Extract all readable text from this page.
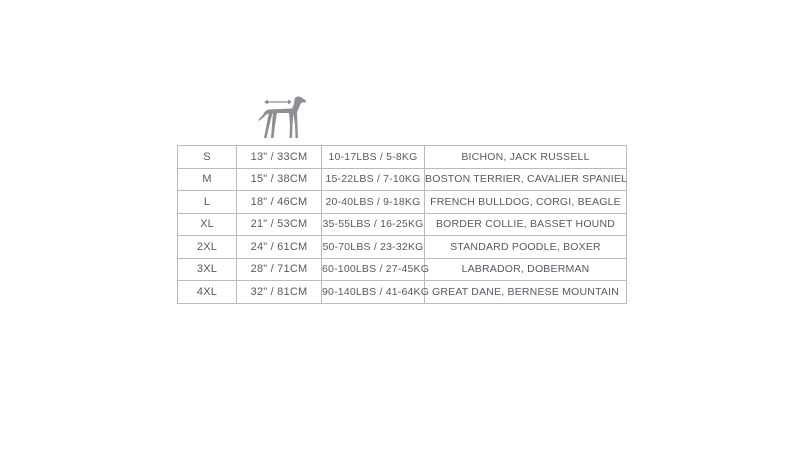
S	13" / 33CM	10-17LBS / 5-8KG	BICHON, JACK RUSSELL
M	15" / 38CM	15-22LBS / 7-10KG	BOSTON TERRIER, CAVALIER SPANIEL
L	18" / 46CM	20-40LBS / 9-18KG	FRENCH BULLDOG, CORGI, BEAGLE
XL	21" / 53CM	35-55LBS / 16-25KG	BORDER COLLIE, BASSET HOUND
2XL	24" / 61CM	50-70LBS / 23-32KG	STANDARD POODLE, BOXER
3XL	28" / 71CM	60-100LBS / 27-45KG	LABRADOR, DOBERMAN
4XL	32" / 81CM	90-140LBS / 41-64KG	GREAT DANE, BERNESE MOUNTAIN
